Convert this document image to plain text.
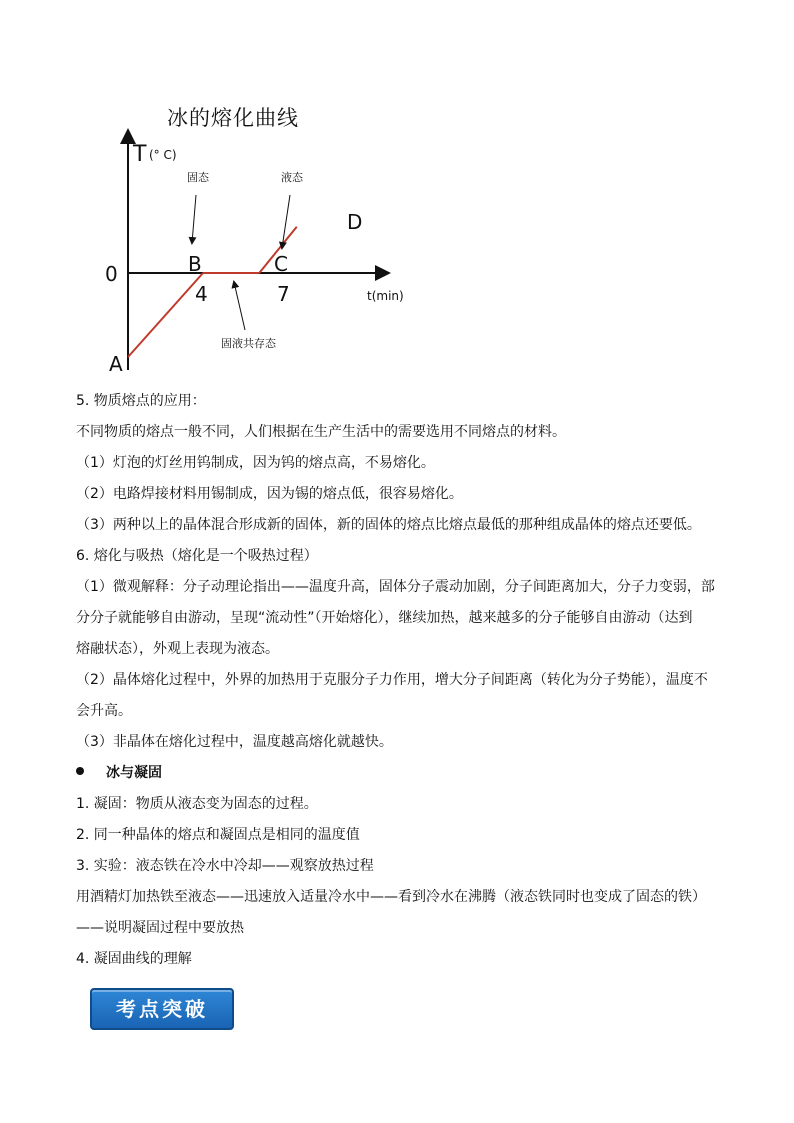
冰的熔化曲线
T (° C)
固态	液态
固液共存态
0
A
B	C
D
4	7	t(min)

5. 物质熔点的应用：

不同物质的熔点一般不同，人们根据在生产生活中的需要选用不同熔点的材料。

（1）灯泡的灯丝用钨制成，因为钨的熔点高，不易熔化。

（2）电路焊接材料用锡制成，因为锡的熔点低，很容易熔化。

（3）两种以上的晶体混合形成新的固体，新的固体的熔点比熔点最低的那种组成晶体的熔点还要低。

6. 熔化与吸热（熔化是一个吸热过程）

（1）微观解释：分子动理论指出——温度升高，固体分子震动加剧，分子间距离加大，分子力变弱，部

分分子就能够自由游动，呈现“流动性”（开始熔化），继续加热，越来越多的分子能够自由游动（达到

熔融状态），外观上表现为液态。

（2）晶体熔化过程中，外界的加热用于克服分子力作用，增大分子间距离（转化为分子势能），温度不

会升高。

（3）非晶体在熔化过程中，温度越高熔化就越快。

冰与凝固

1. 凝固：物质从液态变为固态的过程。

2. 同一种晶体的熔点和凝固点是相同的温度值

3. 实验：液态铁在冷水中冷却——观察放热过程

用酒精灯加热铁至液态——迅速放入适量冷水中——看到冷水在沸腾（液态铁同时也变成了固态的铁）

——说明凝固过程中要放热

4. 凝固曲线的理解

考点突破
